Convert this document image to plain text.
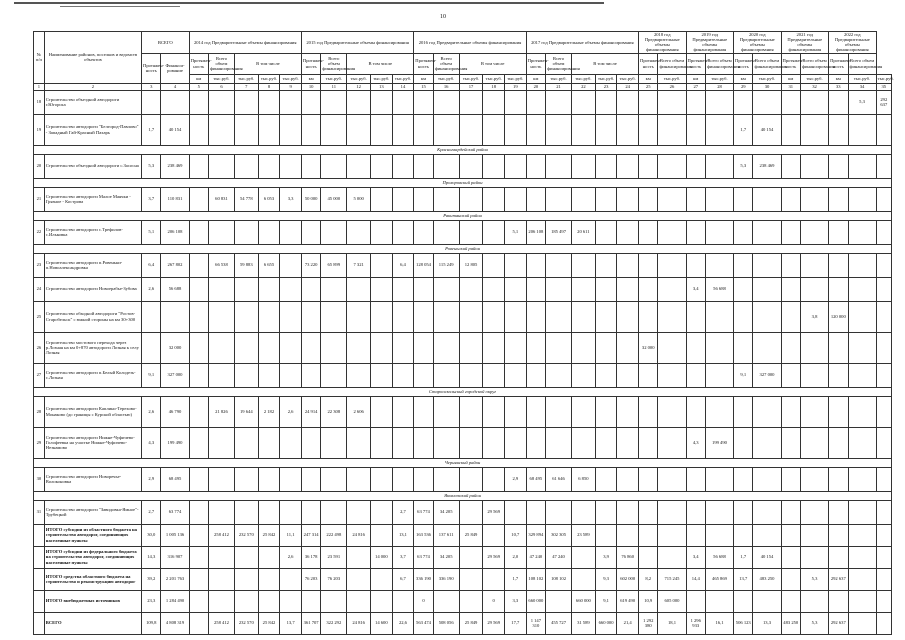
10
№ п/п	Наименование районов, поселков и ведомств объектов	ВСЕГО		2014 год Предварительные объемы финансирования					2015 год Предварительные объемы финансирования					2016 год Предварительные объемы финансирования					2017 год Предварительные объемы финансирования					2018 год Предварительные объемы финансирования		2019 год Предварительные объемы финансирования		2020 год Предварительные объемы финансирования		2021 год Предварительные объемы финансирования		2022 год Предварительные объемы финансирования		
		Протяжен-ность	Финанси-рование	Протяжен-ность	Всего объем финансирования	В том числе			Протяжен-ность	Всего объем финансирования	В том числе			Протяжен-ность	Всего объем финансирования	В том числе			Протяжен-ность	Всего объем финансирования	В том числе			Протяжен-ность	Всего объем финансирования	Протяжен-ность	Всего объем финансирования	Протяжен-ность	Всего объем финансирования	Протяжен-ность	Всего объем финансирования	Протяжен-ность	Всего объем финансирования	
				км	тыс.руб.	тыс.руб.	тыс.руб.	тыс.руб.	км	тыс.руб.	тыс.руб.	тыс.руб.	тыс.руб.	км	тыс.руб.	тыс.руб.	тыс.руб.	тыс.руб.	км	тыс.руб.	тыс.руб.	тыс.руб.	тыс.руб.	км	тыс.руб.	км	тыс.руб.	км	тыс.руб.	км	тыс.руб.	км	тыс.руб.	тыс.руб.
1	2	3	4	5	6	7	8	9	10	11	12	13	14	15	16	17	18	19	20	21	22	23	24	25	26	27	28	29	30	31	32	33	34	35
18	Строительство объездной автодороги г.Югорска																																5,3	292 637
19	Строительство автодороги "Белгород-Павлово" - Западный Гай-Красный Пахарь	1,7	40 154																									1,7	40 154					
Красногвардейский район																																		
20	Строительство объездной автодороги с.Засосна	5,3	238 469																									5,3	238 469					
Прохоровский район																																		
21	Строительство автодороги Малое Маячки - Грязное - Кострова	3,7	110 831		60 831	54 778	6 053	3,3	50 000	45 000	5 000																							
Ракитянский район																																		
22	Строительство автодороги с.Трефилов-с.Ильковка	5,1	206 108															5,1	206 108	185 497	20 611													
Ровеньский район																																		
23	Строительство автодороги п.Ровеньки-п.Новоалександровка	6,4	267 802		66 538	59 883	6 655		73 220	65 899	7 321		6,4	128 054	115 249	12 805																		
24	Строительство автодороги Новоерабье-Зубова	2,6	56 688																							3,4	56 688							
25	Строительство обходной автодороги "Ростов-Старобельск" с южной стороны на км 30+300																														3,8	120 000		
26	Строительство мостового перехода через р.Лозная на км 0+870 автодороги Лозная к селу Лозная		32 000																					32 000										
27	Строительство автодороги п.Белый Колодезь-с.Лозная	9,1	327 000																									9,1	327 000					
Старооскольский городской округ																																		
28	Строительство автодороги Каплино-Терехово-Монаково (до границы с Курской областью)	2,6	46 790		21 826	19 644	2 182	2,6	24 914	22 308	2 606																							
29	Строительство автодороги Нижне-Чуфичево-Голофеевка на участке Нижне-Чуфичево-Незнамово	4,3	199 490																							4,3	199 490							
Чернянский район																																		
30	Строительство автодороги Новоречье-Волоконовка	2,9	68 495															2,9	68 495	61 646	6 850													
Яковлевский район																																		
31	Строительство автодороги "Завидовка-Ямное"-Трубецкой	2,7	63 774										2,7	63 774	34 205		29 569																	
	ИТОГО субсидии из областного бюджета на строительство автодорог, соединяющих населенные пункты	30,0	1 005 136		258 412	232 570	25 842	11,1	247 314	222 498	24 816		13,1	163 536	137 611	25 849		10,7	329 894	302 305	23 589													
	ИТОГО субсидии из федерального бюджета на строительство автодорог, соединяющих населенные пункты	14,3	316 907					2,6	36 178	23 591		14 000	3,7	63 774	34 205		29 569	2,0	47 240	47 240		3,9	76 860			3,4	56 688	1,7	40 154					
	ИТОГО средства областного бюджета на строительство и реконструкцию автодорог	39,2	2 201 763						76 203	76 203			6,7	336 190	336 190			1,7	108 102	108 102		9,3	602 000	8,2	715 245	14,4	465 869	13,7	483 250		5,3	292 637		
	ИТОГО внебюджетных источников	23,3	1 284 490											0			0	3,3	660 000		660 000	9,1	619 490	10,9	605 000									
	ВСЕГО	109,8	4 808 319		258 412	232 570	25 842	13,7	361 707	322 292	24 816	14 600	22,6	563 474	508 056	25 849	29 569	17,7	1 147 310	455 727	31 589	660 000	21,4	1 292 380	18,1	1 296 933	16,1	506 123	13,3	483 250	5,3	292 637		
